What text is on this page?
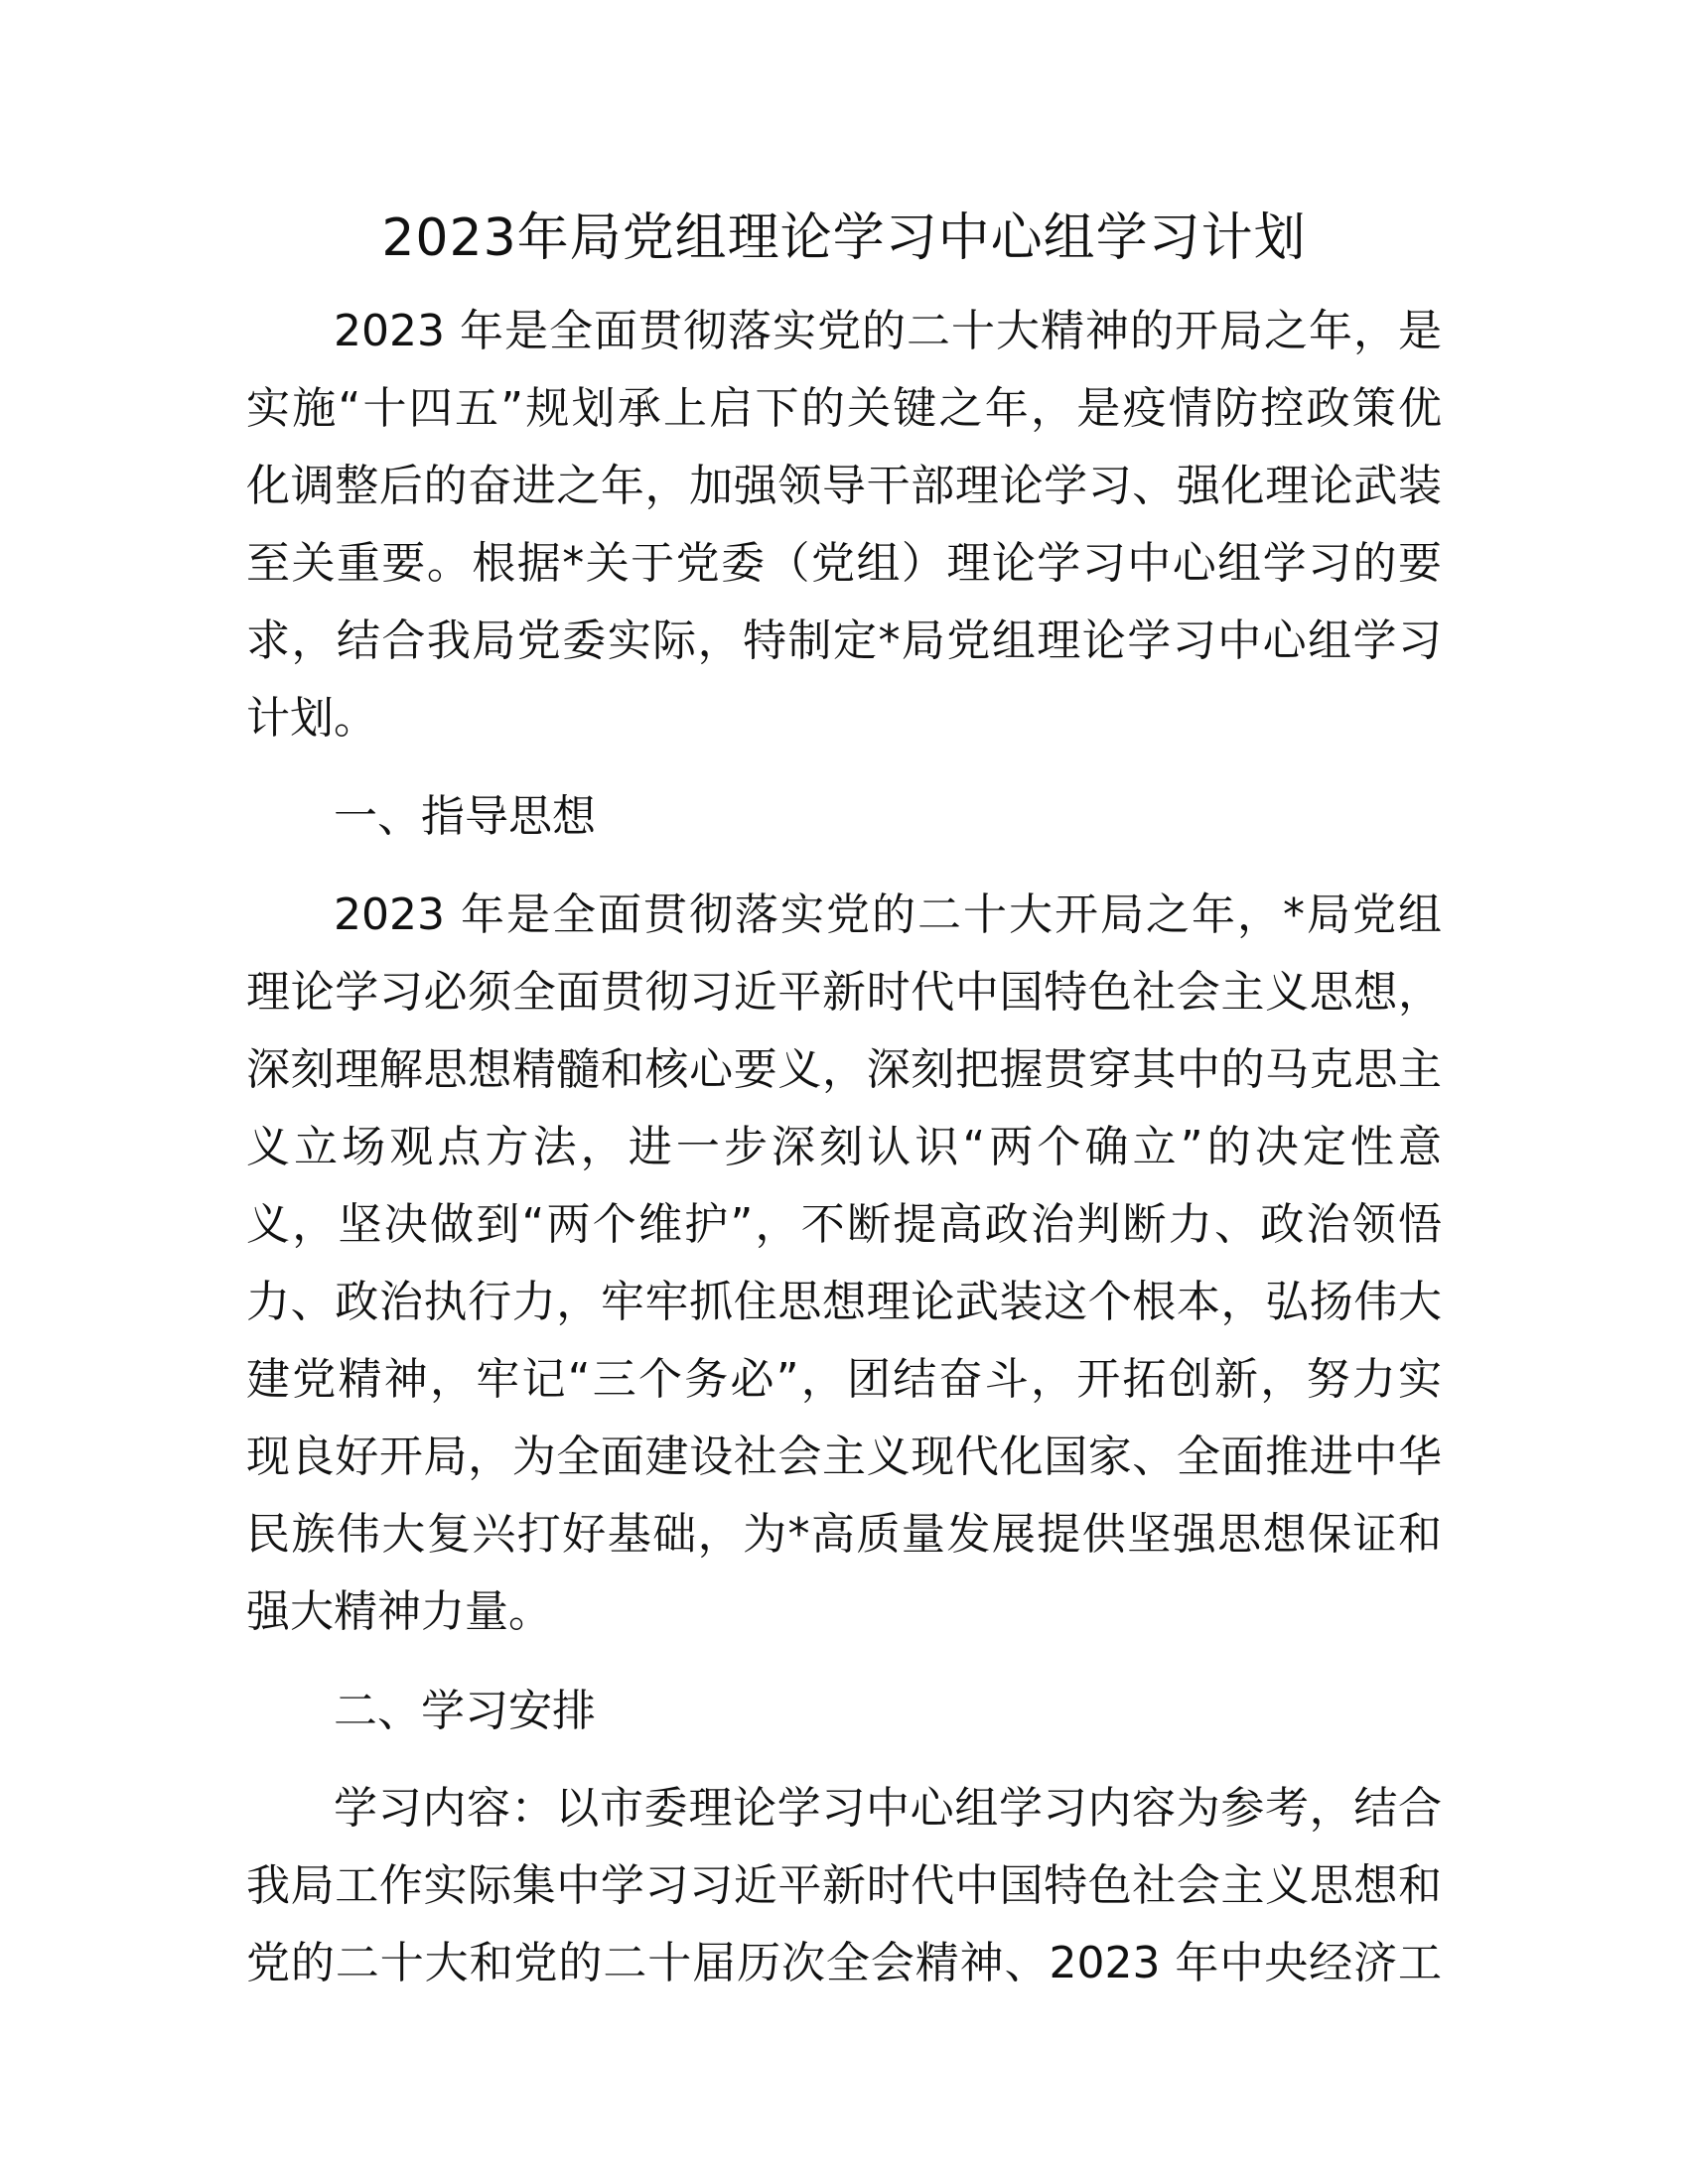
2023年局党组理论学习中心组学习计划

2023 年是全面贯彻落实党的二十大精神的开局之年，是

实施“十四五”规划承上启下的关键之年，是疫情防控政策优

化调整后的奋进之年，加强领导干部理论学习、强化理论武装

至关重要。根据*关于党委（党组）理论学习中心组学习的要

求，结合我局党委实际，特制定*局党组理论学习中心组学习

计划。

一、指导思想

2023 年是全面贯彻落实党的二十大开局之年，*局党组

理论学习必须全面贯彻习近平新时代中国特色社会主义思想，

深刻理解思想精髓和核心要义，深刻把握贯穿其中的马克思主

义立场观点方法，进一步深刻认识“两个确立”的决定性意

义，坚决做到“两个维护”，不断提高政治判断力、政治领悟

力、政治执行力，牢牢抓住思想理论武装这个根本，弘扬伟大

建党精神，牢记“三个务必”，团结奋斗，开拓创新，努力实

现良好开局，为全面建设社会主义现代化国家、全面推进中华

民族伟大复兴打好基础，为*高质量发展提供坚强思想保证和

强大精神力量。

二、学习安排

学习内容：以市委理论学习中心组学习内容为参考，结合

我局工作实际集中学习习近平新时代中国特色社会主义思想和

党的二十大和党的二十届历次全会精神、2023 年中央经济工
